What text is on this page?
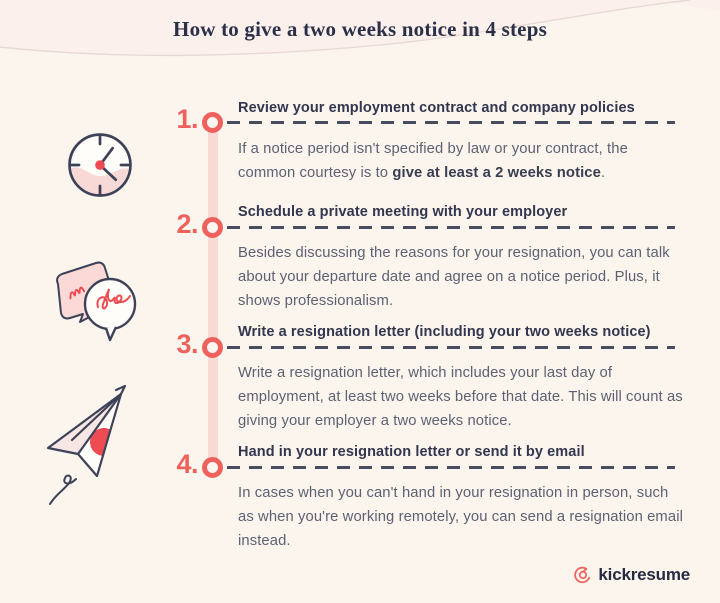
How to give a two weeks notice in 4 steps
1.
2.
3.
4.
Review your employment contract and company policies

If a notice period isn't specified by law or your contract, the common courtesy is to give at least a 2 weeks notice.

Schedule a private meeting with your employer

Besides discussing the reasons for your resignation, you can talk about your departure date and agree on a notice period. Plus, it shows professionalism.

Write a resignation letter (including your two weeks notice)

Write a resignation letter, which includes your last day of employment, at least two weeks before that date. This will count as giving your employer a two weeks notice.

Hand in your resignation letter or send it by email

In cases when you can't hand in your resignation in person, such as when you're working remotely, you can send a resignation email instead.

kickresume
